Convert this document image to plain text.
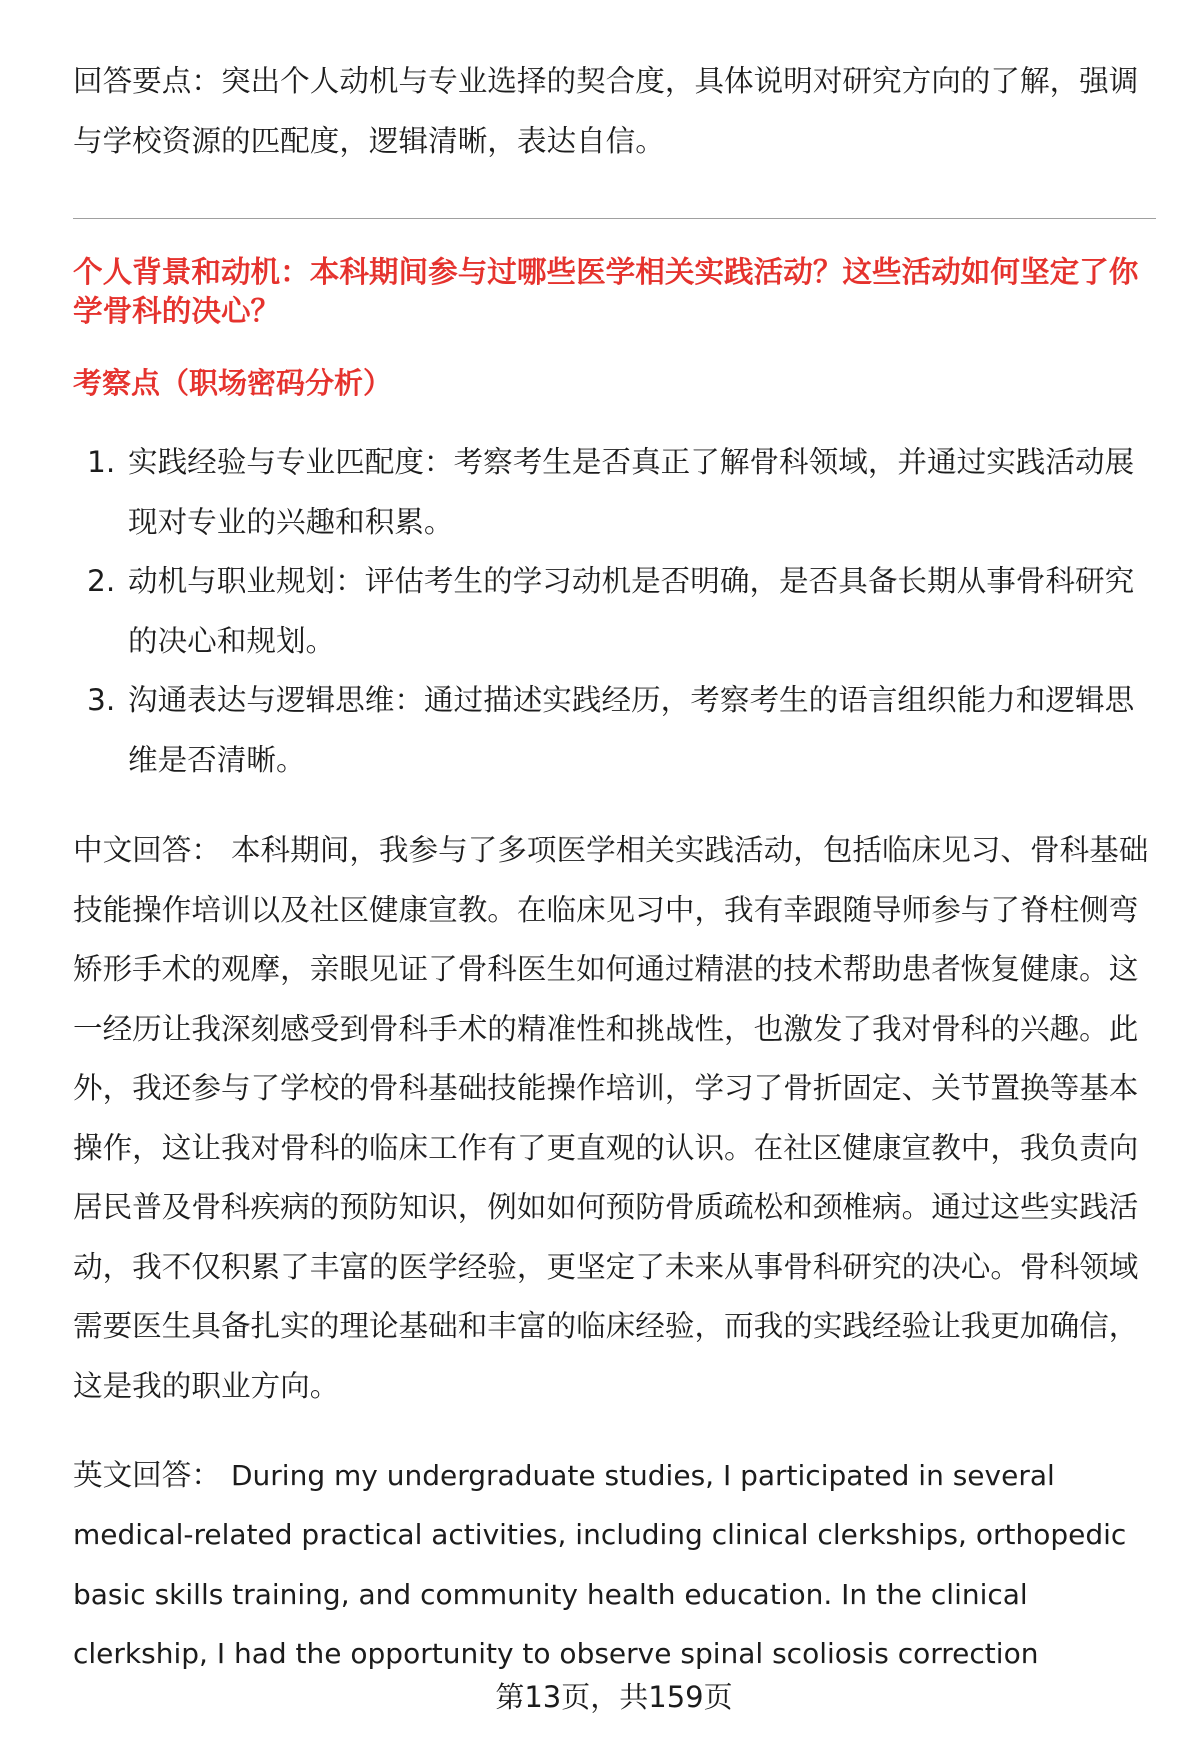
回答要点：突出个人动机与专业选择的契合度，具体说明对研究方向的了解，强调
与学校资源的匹配度，逻辑清晰，表达自信。
个人背景和动机：本科期间参与过哪些医学相关实践活动？这些活动如何坚定了你
学骨科的决心？
考察点（职场密码分析）
1. 实践经验与专业匹配度：考察考生是否真正了解骨科领域，并通过实践活动展
现对专业的兴趣和积累。
2. 动机与职业规划：评估考生的学习动机是否明确，是否具备长期从事骨科研究
的决心和规划。
3. 沟通表达与逻辑思维：通过描述实践经历，考察考生的语言组织能力和逻辑思
维是否清晰。
中文回答： 本科期间，我参与了多项医学相关实践活动，包括临床见习、骨科基础
技能操作培训以及社区健康宣教。在临床见习中，我有幸跟随导师参与了脊柱侧弯
矫形手术的观摩，亲眼见证了骨科医生如何通过精湛的技术帮助患者恢复健康。这
一经历让我深刻感受到骨科手术的精准性和挑战性，也激发了我对骨科的兴趣。此
外，我还参与了学校的骨科基础技能操作培训，学习了骨折固定、关节置换等基本
操作，这让我对骨科的临床工作有了更直观的认识。在社区健康宣教中，我负责向
居民普及骨科疾病的预防知识，例如如何预防骨质疏松和颈椎病。通过这些实践活
动，我不仅积累了丰富的医学经验，更坚定了未来从事骨科研究的决心。骨科领域
需要医生具备扎实的理论基础和丰富的临床经验，而我的实践经验让我更加确信，
这是我的职业方向。
英文回答： During my undergraduate studies, I participated in several
medical-related practical activities, including clinical clerkships, orthopedic
basic skills training, and community health education. In the clinical
clerkship, I had the opportunity to observe spinal scoliosis correction
第13页，共159页
